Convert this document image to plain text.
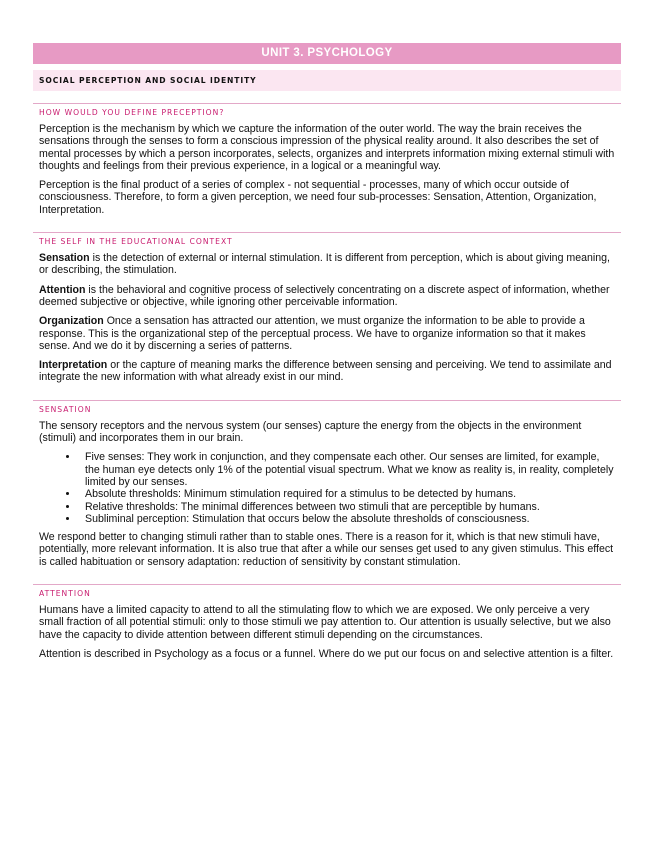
UNIT 3. PSYCHOLOGY
SOCIAL PERCEPTION AND SOCIAL IDENTITY
HOW WOULD YOU DEFINE PRECEPTION?

Perception is the mechanism by which we capture the information of the outer world. The way the brain receives the sensations through the senses to form a conscious impression of the physical reality around. It also describes the set of mental processes by which a person incorporates, selects, organizes and interprets information mixing external stimuli with thoughts and feelings from their previous experience, in a logical or a meaningful way.

Perception is the final product of a series of complex - not sequential - processes, many of which occur outside of consciousness. Therefore, to form a given perception, we need four sub-processes: Sensation, Attention, Organization, Interpretation.

THE SELF IN THE EDUCATIONAL CONTEXT

Sensation is the detection of external or internal stimulation. It is different from perception, which is about giving meaning, or describing, the stimulation.

Attention is the behavioral and cognitive process of selectively concentrating on a discrete aspect of information, whether deemed subjective or objective, while ignoring other perceivable information.

Organization Once a sensation has attracted our attention, we must organize the information to be able to provide a response. This is the organizational step of the perceptual process. We have to organize information so that it makes sense. And we do it by discerning a series of patterns.

Interpretation or the capture of meaning marks the difference between sensing and perceiving. We tend to assimilate and integrate the new information with what already exist in our mind.

SENSATION

The sensory receptors and the nervous system (our senses) capture the energy from the objects in the environment (stimuli) and incorporates them in our brain.

• Five senses: They work in conjunction, and they compensate each other. Our senses are limited, for example, the human eye detects only 1% of the potential visual spectrum. What we know as reality is, in reality, completely limited by our senses.
• Absolute thresholds: Minimum stimulation required for a stimulus to be detected by humans.
• Relative thresholds: The minimal differences between two stimuli that are perceptible by humans.
• Subliminal perception: Stimulation that occurs below the absolute thresholds of consciousness.

We respond better to changing stimuli rather than to stable ones. There is a reason for it, which is that new stimuli have, potentially, more relevant information. It is also true that after a while our senses get used to any given stimulus. This effect is called habituation or sensory adaptation: reduction of sensitivity by constant stimulation.

ATTENTION

Humans have a limited capacity to attend to all the stimulating flow to which we are exposed. We only perceive a very small fraction of all potential stimuli: only to those stimuli we pay attention to. Our attention is usually selective, but we also have the capacity to divide attention between different stimuli depending on the circumstances.

Attention is described in Psychology as a focus or a funnel. Where do we put our focus on and selective attention is a filter.
